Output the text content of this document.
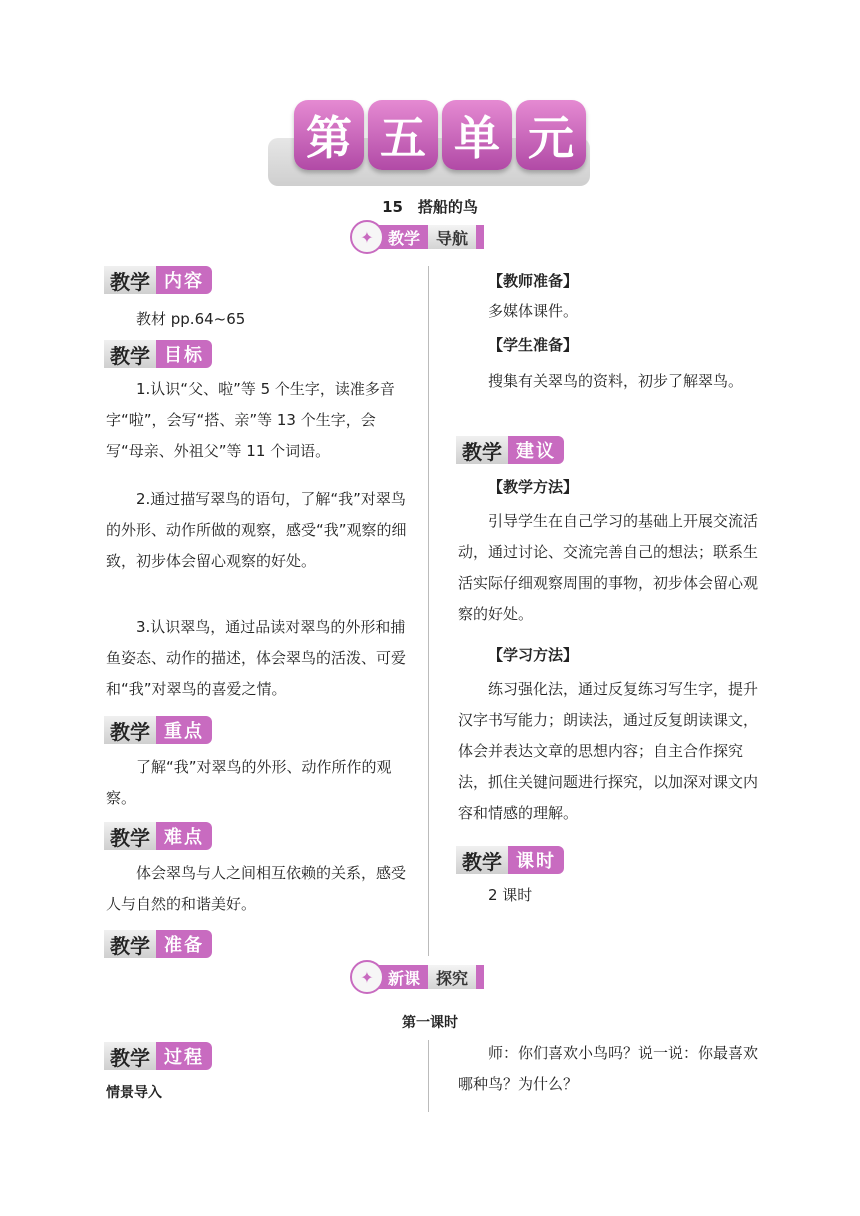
第 五 单 元
15　搭船的鸟
✦ 教学	导航
教学 内容
教材 pp.64~65
教学 目标
1.认识“父、啦”等 5 个生字，读准多音字“啦”，会写“搭、亲”等 13 个生字，会写“母亲、外祖父”等 11 个词语。
2.通过描写翠鸟的语句，了解“我”对翠鸟的外形、动作所做的观察，感受“我”观察的细致，初步体会留心观察的好处。
3.认识翠鸟，通过品读对翠鸟的外形和捕鱼姿态、动作的描述，体会翠鸟的活泼、可爱和“我”对翠鸟的喜爱之情。
教学 重点
了解“我”对翠鸟的外形、动作所作的观察。
教学 难点
体会翠鸟与人之间相互依赖的关系，感受人与自然的和谐美好。
教学 准备
【教师准备】
多媒体课件。
【学生准备】
搜集有关翠鸟的资料，初步了解翠鸟。
教学 建议
【教学方法】
引导学生在自己学习的基础上开展交流活动，通过讨论、交流完善自己的想法；联系生活实际仔细观察周围的事物，初步体会留心观察的好处。
【学习方法】
练习强化法，通过反复练习写生字，提升汉字书写能力；朗读法，通过反复朗读课文，体会并表达文章的思想内容；自主合作探究法，抓住关键问题进行探究，以加深对课文内容和情感的理解。
教学 课时
2 课时
✦ 新课	探究
第一课时
教学 过程
情景导入
师：你们喜欢小鸟吗？说一说：你最喜欢哪种鸟？为什么？
